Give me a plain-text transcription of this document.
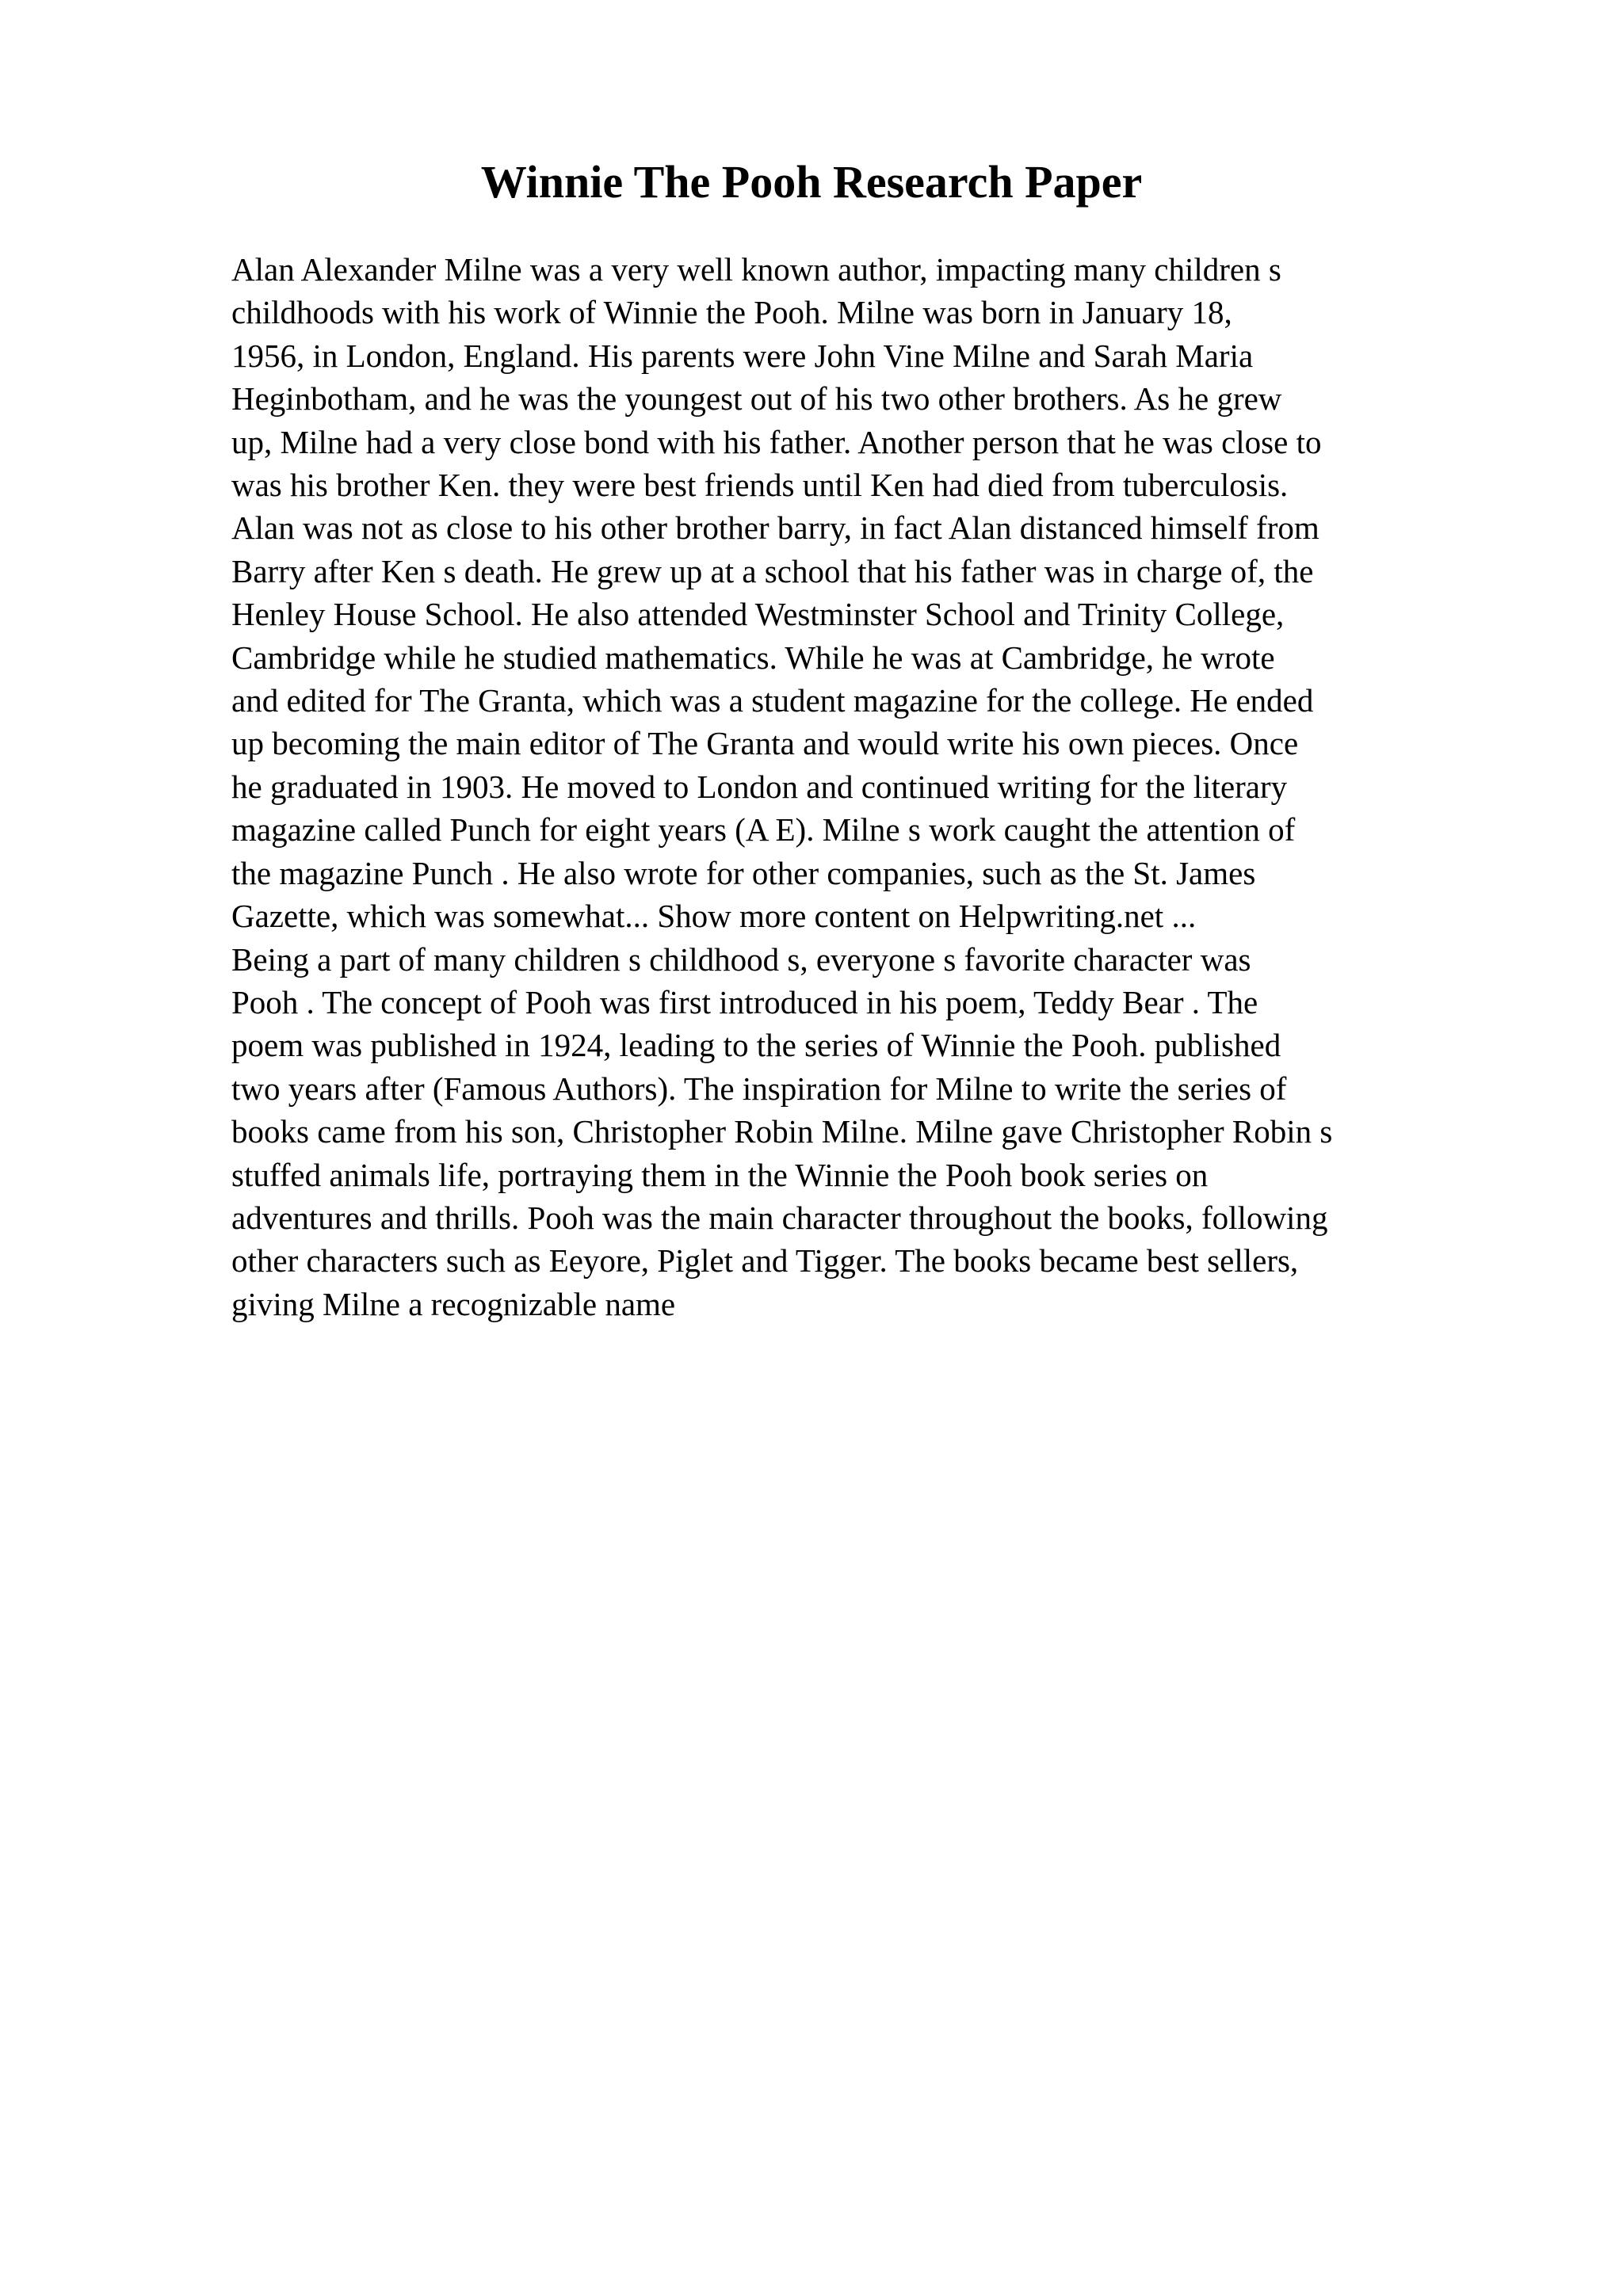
Winnie The Pooh Research Paper
Alan Alexander Milne was a very well known author, impacting many children s
childhoods with his work of Winnie the Pooh. Milne was born in January 18,
1956, in London, England. His parents were John Vine Milne and Sarah Maria
Heginbotham, and he was the youngest out of his two other brothers. As he grew
up, Milne had a very close bond with his father. Another person that he was close to
was his brother Ken. they were best friends until Ken had died from tuberculosis.
Alan was not as close to his other brother barry, in fact Alan distanced himself from
Barry after Ken s death. He grew up at a school that his father was in charge of, the
Henley House School. He also attended Westminster School and Trinity College,
Cambridge while he studied mathematics. While he was at Cambridge, he wrote
and edited for The Granta, which was a student magazine for the college. He ended
up becoming the main editor of The Granta and would write his own pieces. Once
he graduated in 1903. He moved to London and continued writing for the literary
magazine called Punch for eight years (A E). Milne s work caught the attention of
the magazine Punch . He also wrote for other companies, such as the St. James
Gazette, which was somewhat... Show more content on Helpwriting.net ...
Being a part of many children s childhood s, everyone s favorite character was
Pooh . The concept of Pooh was first introduced in his poem, Teddy Bear . The
poem was published in 1924, leading to the series of Winnie the Pooh. published
two years after (Famous Authors). The inspiration for Milne to write the series of
books came from his son, Christopher Robin Milne. Milne gave Christopher Robin s
stuffed animals life, portraying them in the Winnie the Pooh book series on
adventures and thrills. Pooh was the main character throughout the books, following
other characters such as Eeyore, Piglet and Tigger. The books became best sellers,
giving Milne a recognizable name
